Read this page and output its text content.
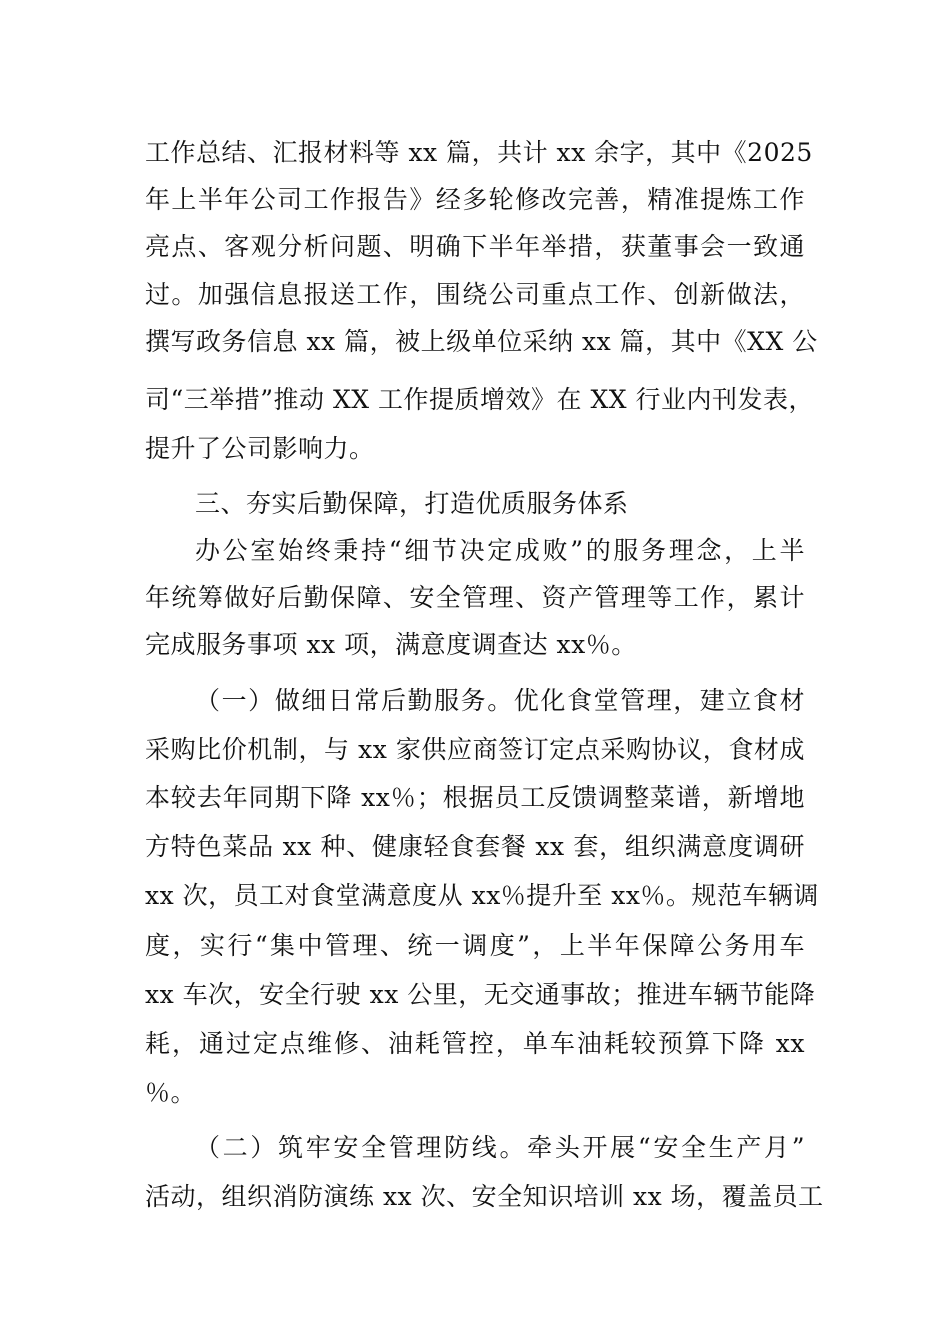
工作总结、汇报材料等 xx 篇，共计 xx 余字，其中《2025
年上半年公司工作报告》经多轮修改完善，精准提炼工作
亮点、客观分析问题、明确下半年举措，获董事会一致通
过。加强信息报送工作，围绕公司重点工作、创新做法，
撰写政务信息 xx 篇，被上级单位采纳 xx 篇，其中《XX 公
司“三举措”推动 XX 工作提质增效》在 XX 行业内刊发表，
提升了公司影响力。
三、夯实后勤保障，打造优质服务体系
办公室始终秉持“细节决定成败”的服务理念，上半
年统筹做好后勤保障、安全管理、资产管理等工作，累计
完成服务事项 xx 项，满意度调查达 xx％。
（一）做细日常后勤服务。优化食堂管理，建立食材
采购比价机制，与 xx 家供应商签订定点采购协议，食材成
本较去年同期下降 xx％；根据员工反馈调整菜谱，新增地
方特色菜品 xx 种、健康轻食套餐 xx 套，组织满意度调研
xx 次，员工对食堂满意度从 xx％提升至 xx％。规范车辆调
度，实行“集中管理、统一调度”，上半年保障公务用车
xx 车次，安全行驶 xx 公里，无交通事故；推进车辆节能降
耗，通过定点维修、油耗管控，单车油耗较预算下降 xx
％。
（二）筑牢安全管理防线。牵头开展“安全生产月”
活动，组织消防演练 xx 次、安全知识培训 xx 场，覆盖员工
